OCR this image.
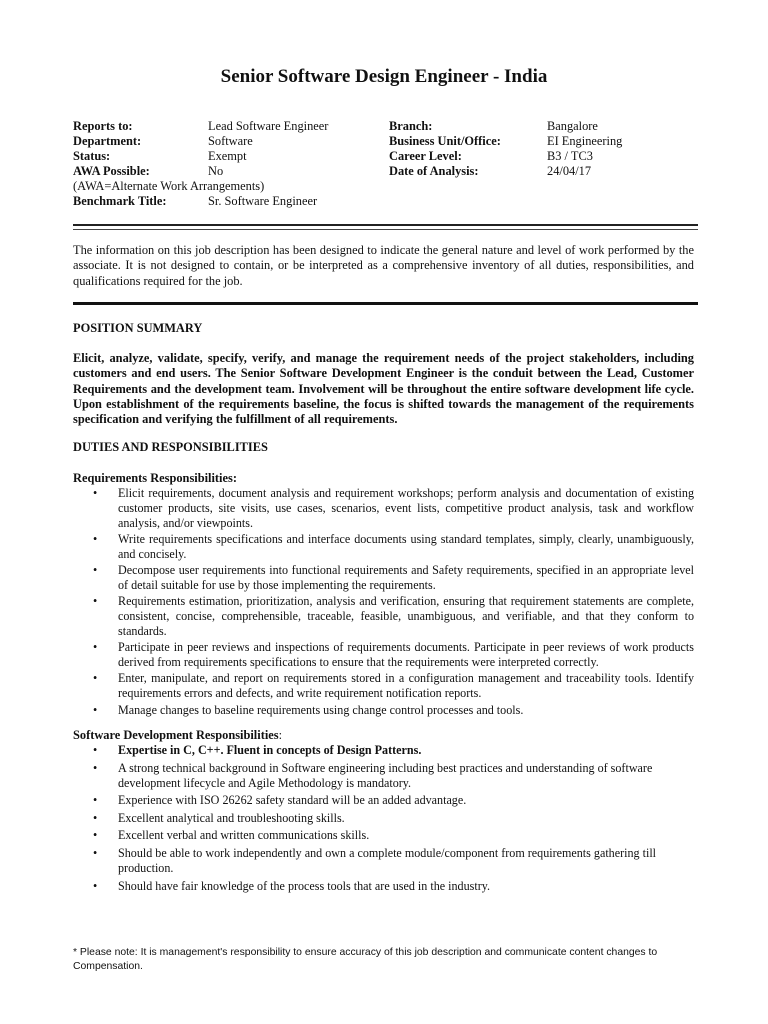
Senior Software Design Engineer - India
Reports to:	Lead Software Engineer	Branch:	Bangalore
Department:	Software	Business Unit/Office:	EI Engineering
Status:	Exempt	Career Level:	B3 / TC3
AWA Possible:	No	Date of Analysis:	24/04/17
(AWA=Alternate Work Arrangements)
Benchmark Title:	Sr. Software Engineer
The information on this job description has been designed to indicate the general nature and level of work performed by the associate. It is not designed to contain, or be interpreted as a comprehensive inventory of all duties, responsibilities, and qualifications required for the job.
POSITION SUMMARY
Elicit, analyze, validate, specify, verify, and manage the requirement needs of the project stakeholders, including customers and end users. The Senior Software Development Engineer is the conduit between the Lead, Customer Requirements and the development team. Involvement will be throughout the entire software development life cycle. Upon establishment of the requirements baseline, the focus is shifted towards the management of the requirements specification and verifying the fulfillment of all requirements.
DUTIES AND RESPONSIBILITIES
Requirements Responsibilities:
• Elicit requirements, document analysis and requirement workshops; perform analysis and documentation of existing customer products, site visits, use cases, scenarios, event lists, competitive product analysis, task and workflow analysis, and/or viewpoints.
• Write requirements specifications and interface documents using standard templates, simply, clearly, unambiguously, and concisely.
• Decompose user requirements into functional requirements and Safety requirements, specified in an appropriate level of detail suitable for use by those implementing the requirements.
• Requirements estimation, prioritization, analysis and verification, ensuring that requirement statements are complete, consistent, concise, comprehensible, traceable, feasible, unambiguous, and verifiable, and that they conform to standards.
• Participate in peer reviews and inspections of requirements documents. Participate in peer reviews of work products derived from requirements specifications to ensure that the requirements were interpreted correctly.
• Enter, manipulate, and report on requirements stored in a configuration management and traceability tools. Identify requirements errors and defects, and write requirement notification reports.
• Manage changes to baseline requirements using change control processes and tools.
Software Development Responsibilities:
• Expertise in C, C++. Fluent in concepts of Design Patterns.
• A strong technical background in Software engineering including best practices and understanding of software development lifecycle and Agile Methodology is mandatory.
• Experience with ISO 26262 safety standard will be an added advantage.
• Excellent analytical and troubleshooting skills.
• Excellent verbal and written communications skills.
• Should be able to work independently and own a complete module/component from requirements gathering till production.
• Should have fair knowledge of the process tools that are used in the industry.
* Please note: It is management's responsibility to ensure accuracy of this job description and communicate content changes to Compensation.
